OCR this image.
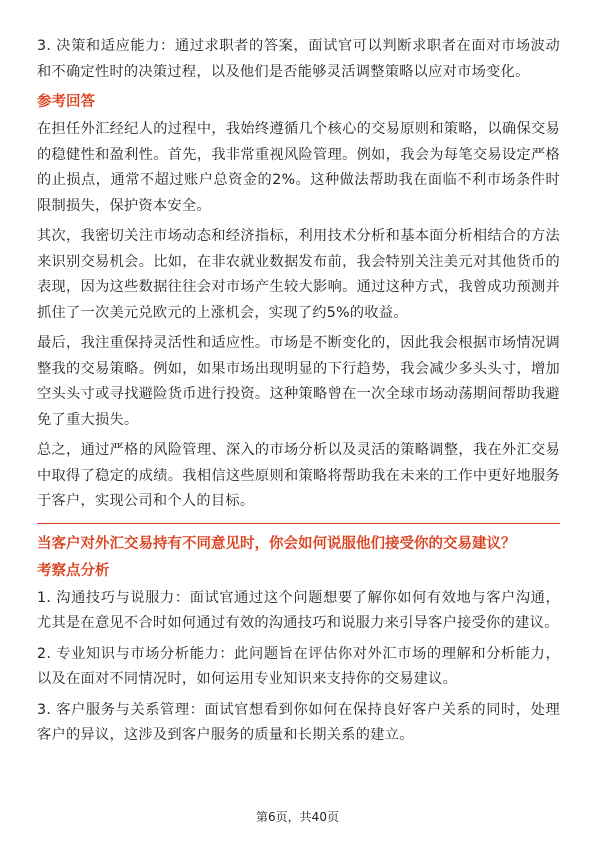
3. 决策和适应能力：通过求职者的答案，面试官可以判断求职者在面对市场波动和不确定性时的决策过程，以及他们是否能够灵活调整策略以应对市场变化。

参考回答

在担任外汇经纪人的过程中，我始终遵循几个核心的交易原则和策略，以确保交易的稳健性和盈利性。首先，我非常重视风险管理。例如，我会为每笔交易设定严格的止损点，通常不超过账户总资金的2%。这种做法帮助我在面临不利市场条件时限制损失，保护资本安全。

其次，我密切关注市场动态和经济指标，利用技术分析和基本面分析相结合的方法来识别交易机会。比如，在非农就业数据发布前，我会特别关注美元对其他货币的表现，因为这些数据往往会对市场产生较大影响。通过这种方式，我曾成功预测并抓住了一次美元兑欧元的上涨机会，实现了约5%的收益。

最后，我注重保持灵活性和适应性。市场是不断变化的，因此我会根据市场情况调整我的交易策略。例如，如果市场出现明显的下行趋势，我会减少多头头寸，增加空头头寸或寻找避险货币进行投资。这种策略曾在一次全球市场动荡期间帮助我避免了重大损失。

总之，通过严格的风险管理、深入的市场分析以及灵活的策略调整，我在外汇交易中取得了稳定的成绩。我相信这些原则和策略将帮助我在未来的工作中更好地服务于客户，实现公司和个人的目标。

当客户对外汇交易持有不同意见时，你会如何说服他们接受你的交易建议？
考察点分析

1. 沟通技巧与说服力：面试官通过这个问题想要了解你如何有效地与客户沟通，尤其是在意见不合时如何通过有效的沟通技巧和说服力来引导客户接受你的建议。

2. 专业知识与市场分析能力：此问题旨在评估你对外汇市场的理解和分析能力，以及在面对不同情况时，如何运用专业知识来支持你的交易建议。

3. 客户服务与关系管理：面试官想看到你如何在保持良好客户关系的同时，处理客户的异议，这涉及到客户服务的质量和长期关系的建立。

第6页，共40页
